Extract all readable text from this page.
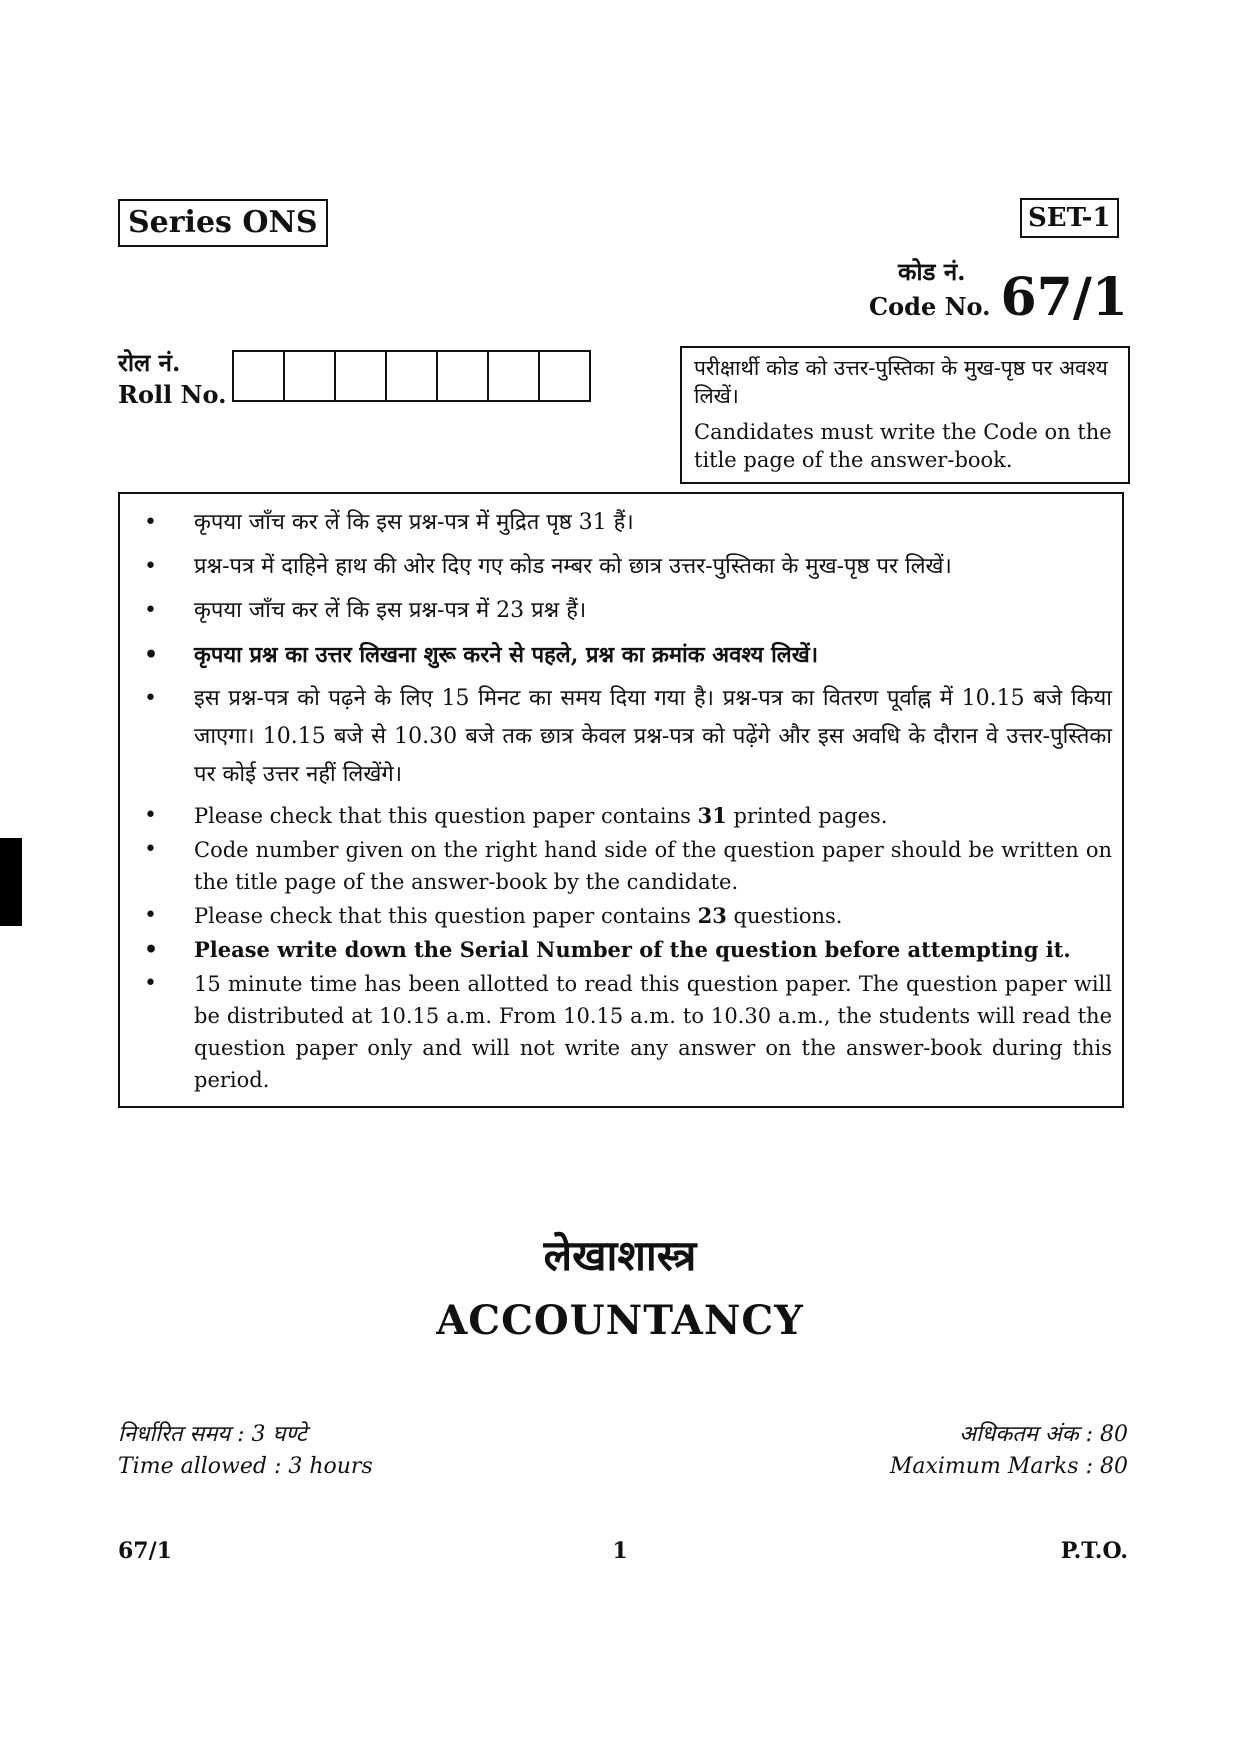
Series ONS	SET-1
कोड नं.
Code No. 67/1
रोल नं.
Roll No.
परीक्षार्थी कोड को उत्तर-पुस्तिका के मुख-पृष्ठ पर अवश्य लिखें।
Candidates must write the Code on the title page of the answer-book.
• कृपया जाँच कर लें कि इस प्रश्न-पत्र में मुद्रित पृष्ठ 31 हैं।
• प्रश्न-पत्र में दाहिने हाथ की ओर दिए गए कोड नम्बर को छात्र उत्तर-पुस्तिका के मुख-पृष्ठ पर लिखें।
• कृपया जाँच कर लें कि इस प्रश्न-पत्र में 23 प्रश्न हैं।
• कृपया प्रश्न का उत्तर लिखना शुरू करने से पहले, प्रश्न का क्रमांक अवश्य लिखें।
• इस प्रश्न-पत्र को पढ़ने के लिए 15 मिनट का समय दिया गया है। प्रश्न-पत्र का वितरण पूर्वाह्न में 10.15 बजे किया जाएगा। 10.15 बजे से 10.30 बजे तक छात्र केवल प्रश्न-पत्र को पढ़ेंगे और इस अवधि के दौरान वे उत्तर-पुस्तिका पर कोई उत्तर नहीं लिखेंगे।
• Please check that this question paper contains 31 printed pages.
• Code number given on the right hand side of the question paper should be written on the title page of the answer-book by the candidate.
• Please check that this question paper contains 23 questions.
• Please write down the Serial Number of the question before attempting it.
• 15 minute time has been allotted to read this question paper. The question paper will be distributed at 10.15 a.m. From 10.15 a.m. to 10.30 a.m., the students will read the question paper only and will not write any answer on the answer-book during this period.
लेखाशास्त्र
ACCOUNTANCY
निर्धारित समय : 3 घण्टे
Time allowed : 3 hours
अधिकतम अंक : 80
Maximum Marks : 80
1
67/1	P.T.O.
